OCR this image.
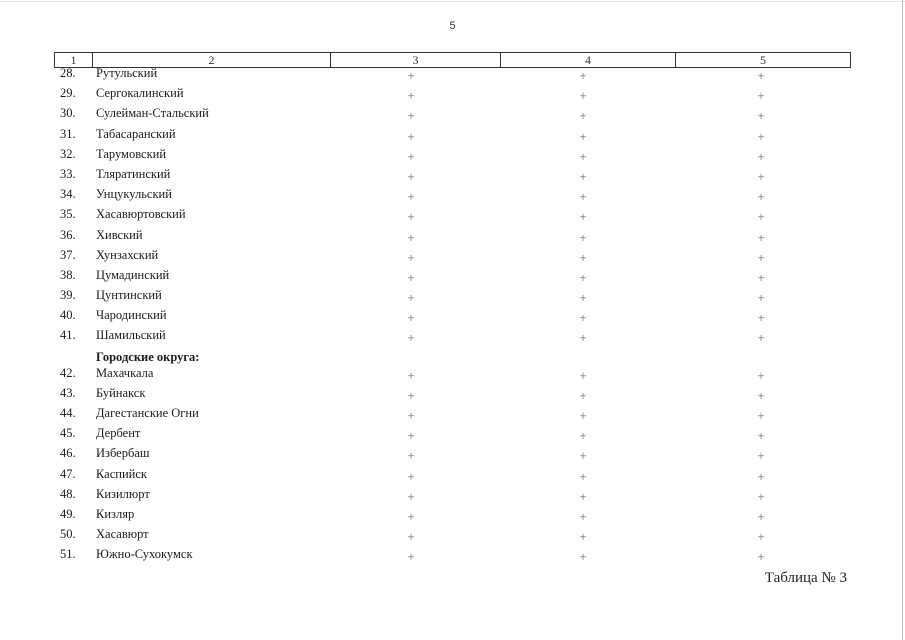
5
1	2	3	4	5
28.	Рутульский	+	+	+
29.	Сергокалинский	+	+	+
30.	Сулейман-Стальский	+	+	+
31.	Табасаранский	+	+	+
32.	Тарумовский	+	+	+
33.	Тляратинский	+	+	+
34.	Унцукульский	+	+	+
35.	Хасавюртовский	+	+	+
36.	Хивский	+	+	+
37.	Хунзахский	+	+	+
38.	Цумадинский	+	+	+
39.	Цунтинский	+	+	+
40.	Чародинский	+	+	+
41.	Шамильский	+	+	+
Городские округа:
42.	Махачкала	+	+	+
43.	Буйнакск	+	+	+
44.	Дагестанские Огни	+	+	+
45.	Дербент	+	+	+
46.	Избербаш	+	+	+
47.	Каспийск	+	+	+
48.	Кизилюрт	+	+	+
49.	Кизляр	+	+	+
50.	Хасавюрт	+	+	+
51.	Южно-Сухокумск	+	+	+
Таблица № 3
